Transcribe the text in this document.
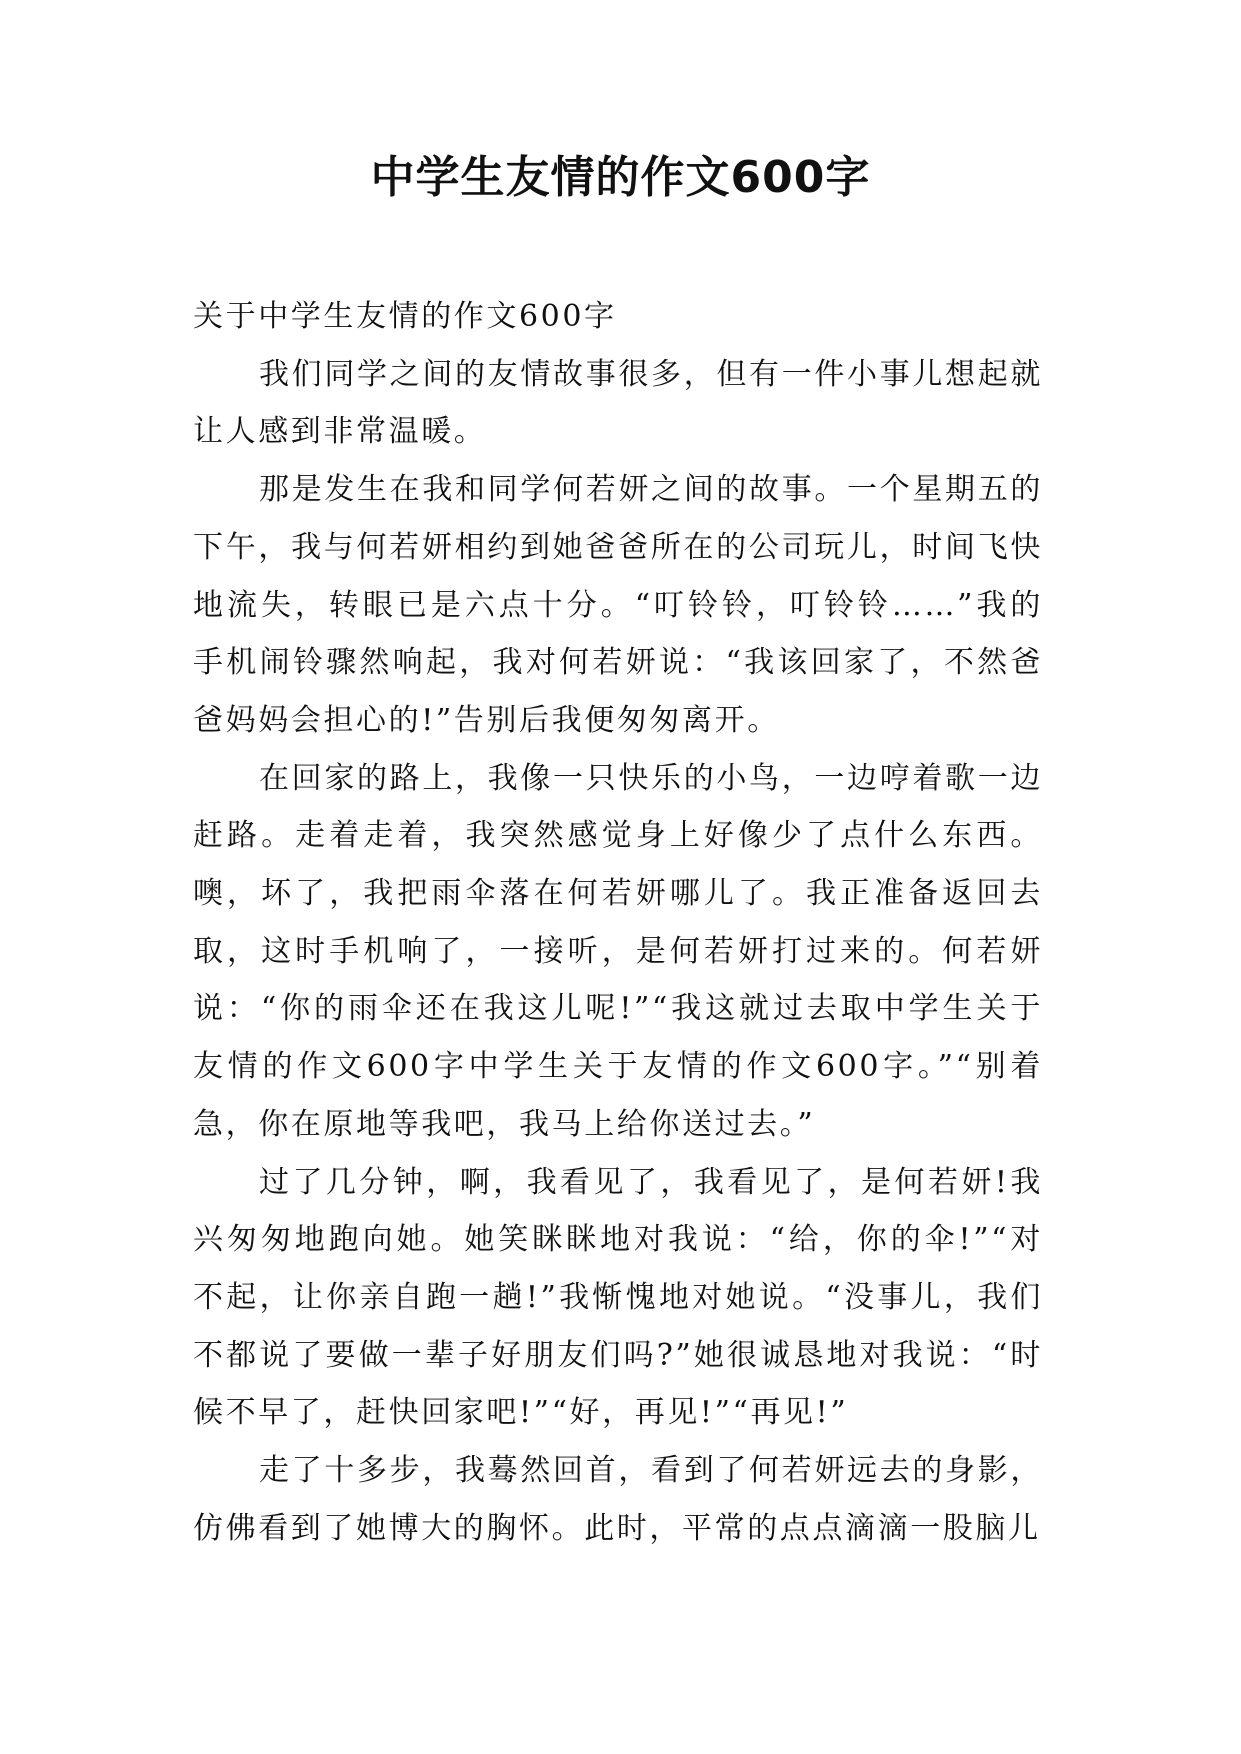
中学生友情的作文600字

关于中学生友情的作文600字

我们同学之间的友情故事很多，但有一件小事儿想起就让人感到非常温暖。

那是发生在我和同学何若妍之间的故事。一个星期五的下午，我与何若妍相约到她爸爸所在的公司玩儿，时间飞快地流失，转眼已是六点十分。“叮铃铃，叮铃铃……”我的手机闹铃骤然响起，我对何若妍说：“我该回家了，不然爸爸妈妈会担心的!”告别后我便匆匆离开。

在回家的路上，我像一只快乐的小鸟，一边哼着歌一边赶路。走着走着，我突然感觉身上好像少了点什么东西。噢，坏了，我把雨伞落在何若妍哪儿了。我正准备返回去取，这时手机响了，一接听，是何若妍打过来的。何若妍说：“你的雨伞还在我这儿呢!”“我这就过去取中学生关于友情的作文600字中学生关于友情的作文600字。”“别着急，你在原地等我吧，我马上给你送过去。”

过了几分钟，啊，我看见了，我看见了，是何若妍!我兴匆匆地跑向她。她笑眯眯地对我说：“给，你的伞!”“对不起，让你亲自跑一趟!”我惭愧地对她说。“没事儿，我们不都说了要做一辈子好朋友们吗?”她很诚恳地对我说：“时候不早了，赶快回家吧!”“好，再见!”“再见!”

走了十多步，我蓦然回首，看到了何若妍远去的身影，仿佛看到了她博大的胸怀。此时，平常的点点滴滴一股脑儿
